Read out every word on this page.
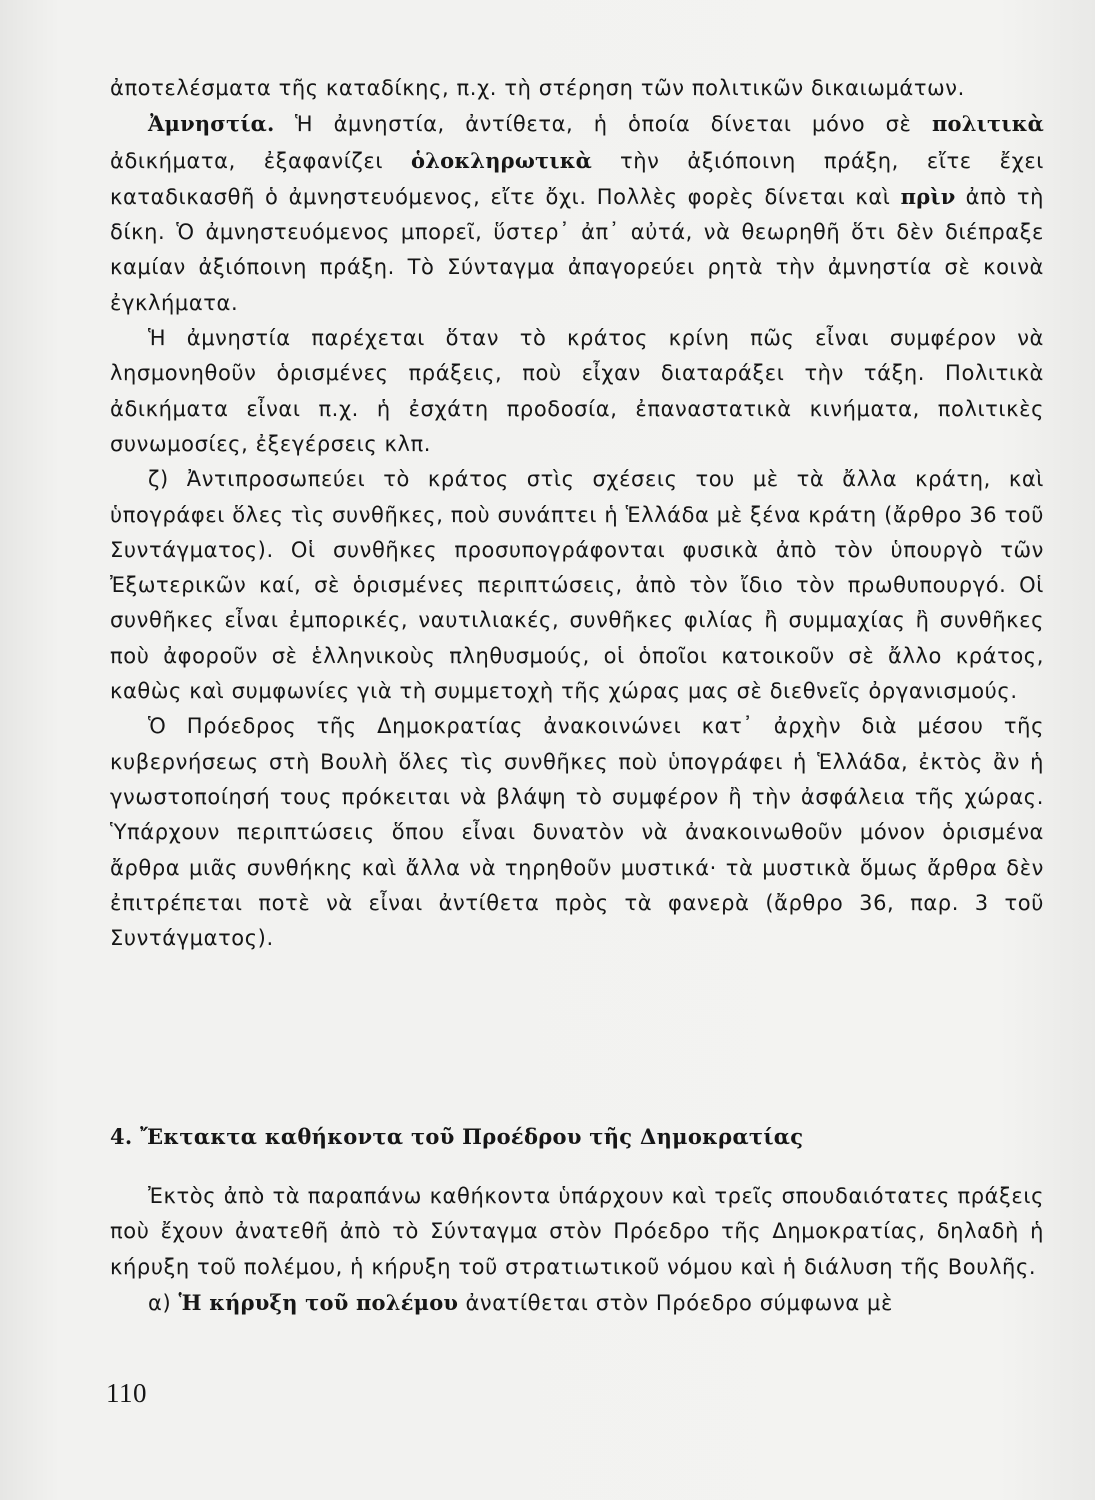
ἀποτελέσματα τῆς καταδίκης, π.χ. τὴ στέρηση τῶν πολιτικῶν δικαιωμάτων.

Ἀμνηστία. Ἡ ἀμνηστία, ἀντίθετα, ἡ ὁποία δίνεται μόνο σὲ πολιτικὰ ἀδικήματα, ἐξαφανίζει ὁλοκληρωτικὰ τὴν ἀξιόποινη πράξη, εἴτε ἔχει καταδικασθῆ ὁ ἀμνηστευόμενος, εἴτε ὄχι. Πολλὲς φορὲς δίνεται καὶ πρὶν ἀπὸ τὴ δίκη. Ὁ ἀμνηστευόμενος μπορεῖ, ὕστερ᾽ ἀπ᾽ αὐτά, νὰ θεωρηθῆ ὅτι δὲν διέπραξε καμίαν ἀξιόποινη πράξη. Τὸ Σύνταγμα ἀπαγορεύει ρητὰ τὴν ἀμνηστία σὲ κοινὰ ἐγκλήματα.

Ἡ ἀμνηστία παρέχεται ὅταν τὸ κράτος κρίνη πῶς εἶναι συμφέρον νὰ λησμονηθοῦν ὁρισμένες πράξεις, ποὺ εἶχαν διαταράξει τὴν τάξη. Πολιτικὰ ἀδικήματα εἶναι π.χ. ἡ ἐσχάτη προδοσία, ἐπαναστατικὰ κινήματα, πολιτικὲς συνωμοσίες, ἐξεγέρσεις κλπ.

ζ) Ἀντιπροσωπεύει τὸ κράτος στὶς σχέσεις του μὲ τὰ ἄλλα κράτη, καὶ ὑπογράφει ὅλες τὶς συνθῆκες, ποὺ συνάπτει ἡ Ἑλλάδα μὲ ξένα κράτη (ἄρθρο 36 τοῦ Συντάγματος). Οἱ συνθῆκες προσυπογράφονται φυσικὰ ἀπὸ τὸν ὑπουργὸ τῶν Ἐξωτερικῶν καί, σὲ ὁρισμένες περιπτώσεις, ἀπὸ τὸν ἴδιο τὸν πρωθυπουργό. Οἱ συνθῆκες εἶναι ἐμπορικές, ναυτιλιακές, συνθῆκες φιλίας ἢ συμμαχίας ἢ συνθῆκες ποὺ ἀφοροῦν σὲ ἑλληνικοὺς πληθυσμούς, οἱ ὁποῖοι κατοικοῦν σὲ ἄλλο κράτος, καθὼς καὶ συμφωνίες γιὰ τὴ συμμετοχὴ τῆς χώρας μας σὲ διεθνεῖς ὀργανισμούς.

Ὁ Πρόεδρος τῆς Δημοκρατίας ἀνακοινώνει κατ᾽ ἀρχὴν διὰ μέσου τῆς κυβερνήσεως στὴ Βουλὴ ὅλες τὶς συνθῆκες ποὺ ὑπογράφει ἡ Ἑλλάδα, ἐκτὸς ἂν ἡ γνωστοποίησή τους πρόκειται νὰ βλάψη τὸ συμφέρον ἢ τὴν ἀσφάλεια τῆς χώρας. Ὑπάρχουν περιπτώσεις ὅπου εἶναι δυνατὸν νὰ ἀνακοινωθοῦν μόνον ὁρισμένα ἄρθρα μιᾶς συνθήκης καὶ ἄλλα νὰ τηρηθοῦν μυστικά· τὰ μυστικὰ ὅμως ἄρθρα δὲν ἐπιτρέπεται ποτὲ νὰ εἶναι ἀντίθετα πρὸς τὰ φανερὰ (ἄρθρο 36, παρ. 3 τοῦ Συντάγματος).

4. Ἔκτακτα καθήκοντα τοῦ Προέδρου τῆς Δημοκρατίας

Ἐκτὸς ἀπὸ τὰ παραπάνω καθήκοντα ὑπάρχουν καὶ τρεῖς σπουδαιότατες πράξεις ποὺ ἔχουν ἀνατεθῆ ἀπὸ τὸ Σύνταγμα στὸν Πρόεδρο τῆς Δημοκρατίας, δηλαδὴ ἡ κήρυξη τοῦ πολέμου, ἡ κήρυξη τοῦ στρατιωτικοῦ νόμου καὶ ἡ διάλυση τῆς Βουλῆς.

α) Ἡ κήρυξη τοῦ πολέμου ἀνατίθεται στὸν Πρόεδρο σύμφωνα μὲ

110
